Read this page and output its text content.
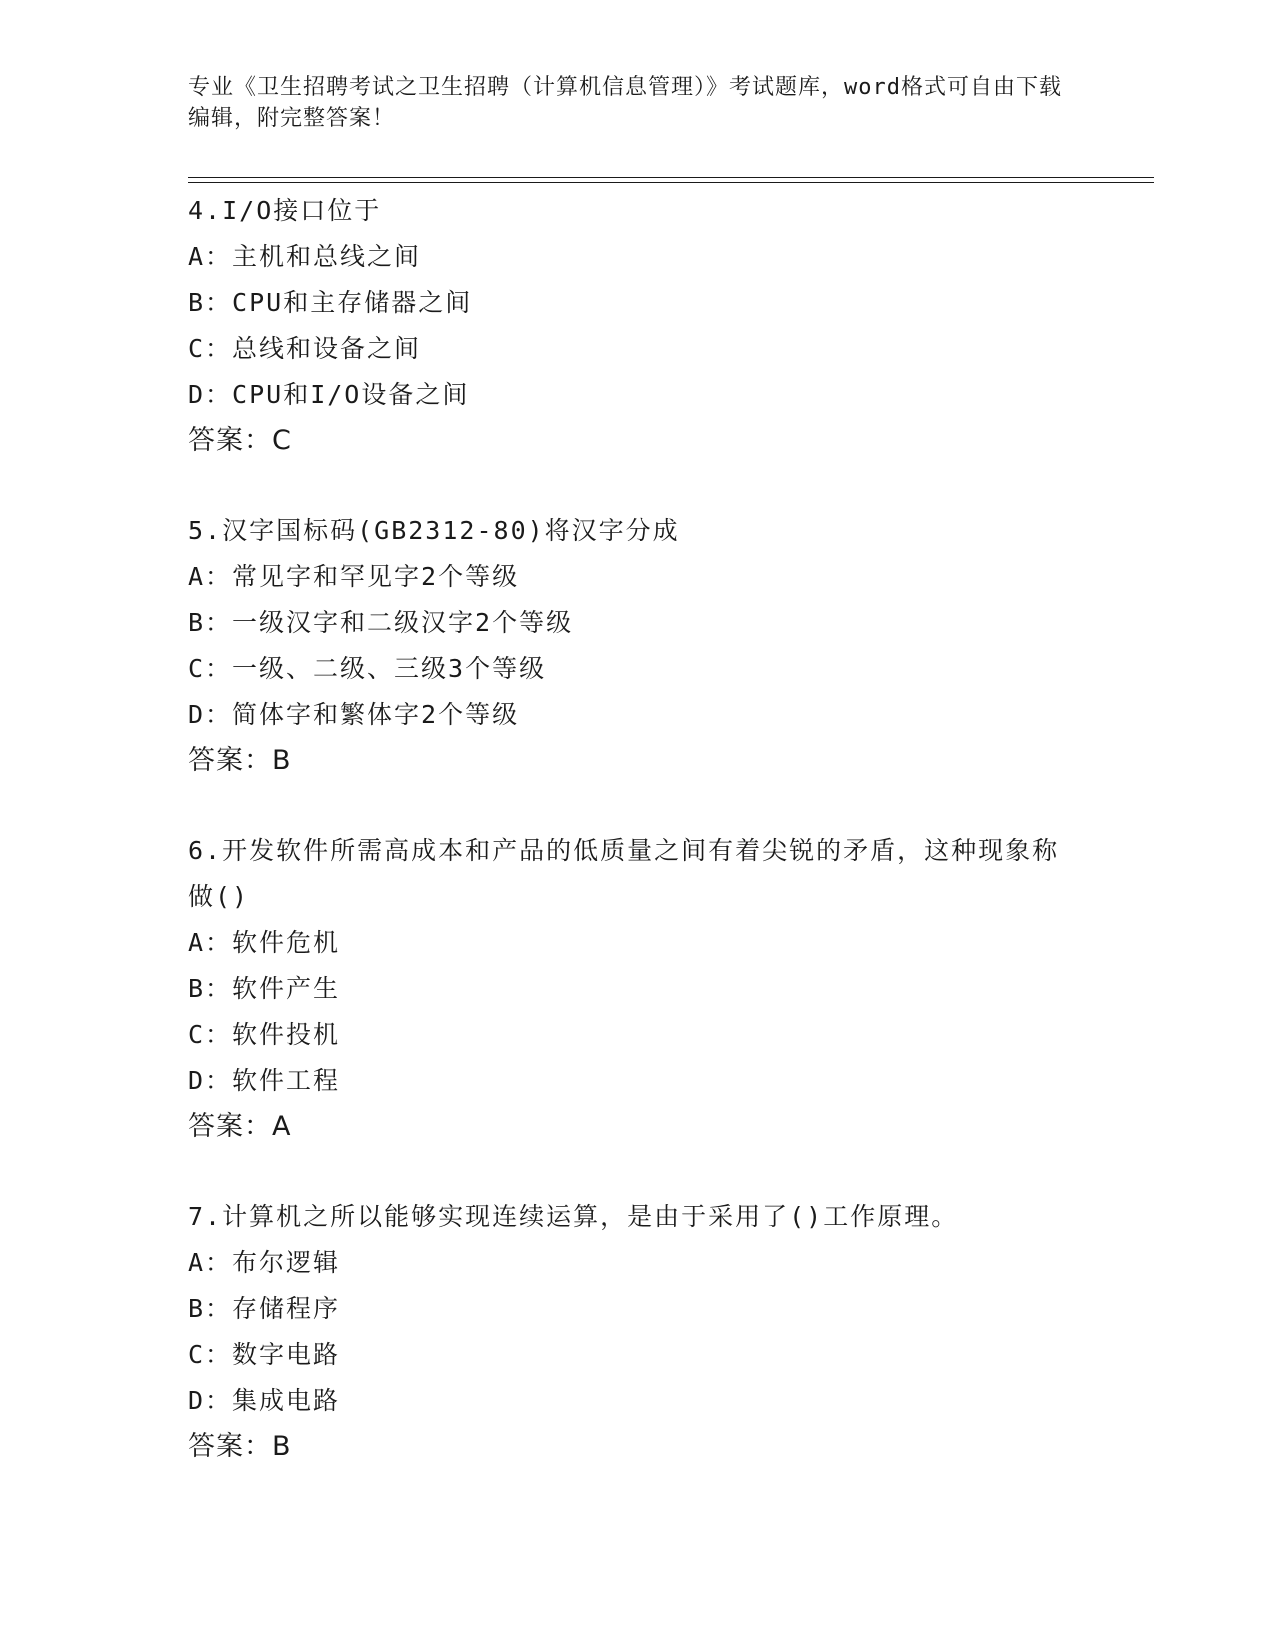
专业《卫生招聘考试之卫生招聘（计算机信息管理）》考试题库，word格式可自由下载编辑，附完整答案！
4.I/O接口位于
A：主机和总线之间
B：CPU和主存储器之间
C：总线和设备之间
D：CPU和I/O设备之间
答案：C
5.汉字国标码(GB2312-80)将汉字分成
A：常见字和罕见字2个等级
B：一级汉字和二级汉字2个等级
C：一级、二级、三级3个等级
D：简体字和繁体字2个等级
答案：B
6.开发软件所需高成本和产品的低质量之间有着尖锐的矛盾，这种现象称做()
A：软件危机
B：软件产生
C：软件投机
D：软件工程
答案：A
7.计算机之所以能够实现连续运算，是由于采用了()工作原理。
A：布尔逻辑
B：存储程序
C：数字电路
D：集成电路
答案：B
